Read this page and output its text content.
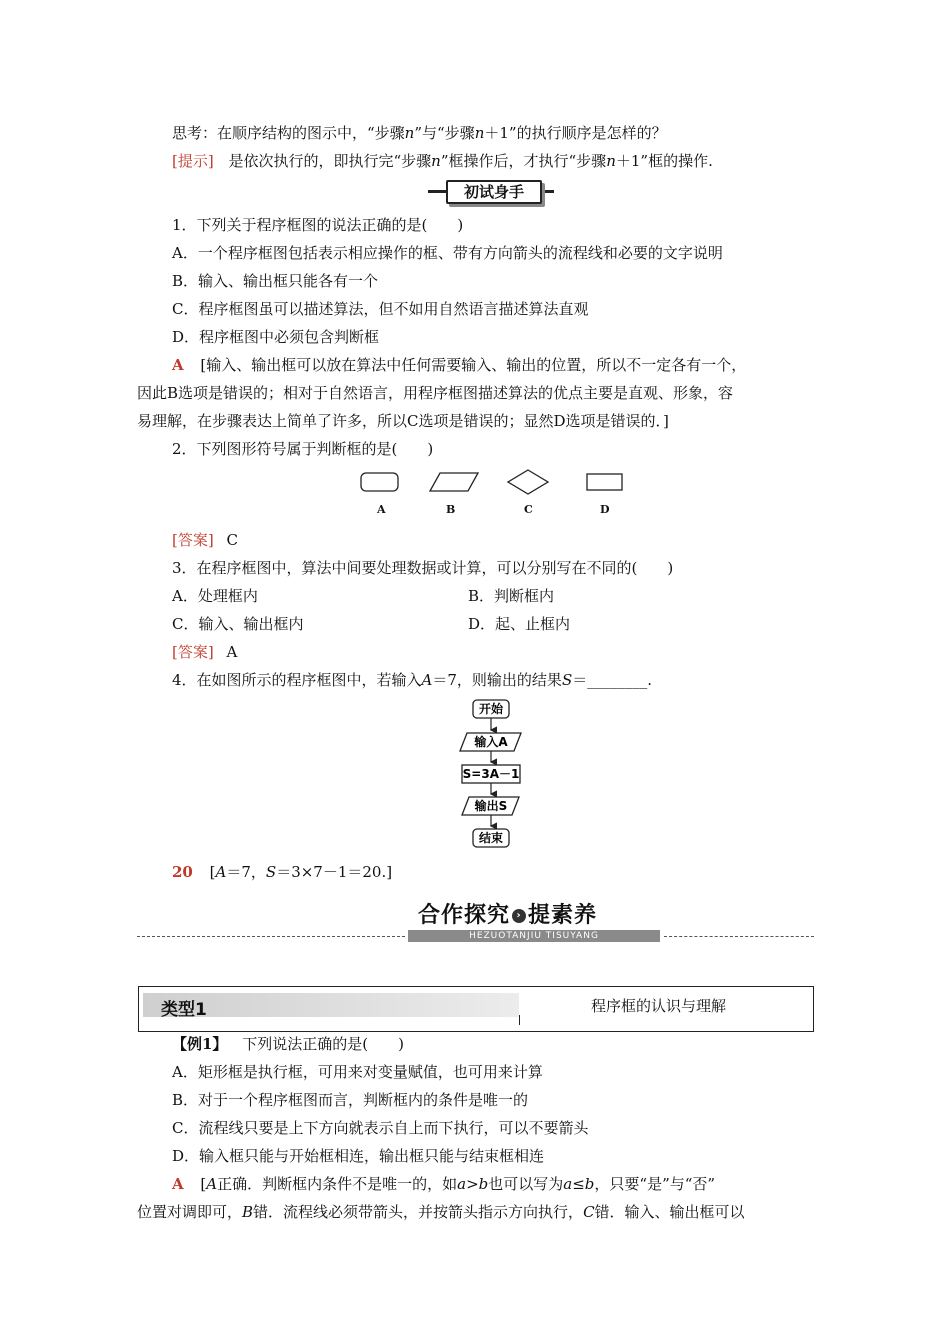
思考：在顺序结构的图示中，“步骤n”与“步骤n＋1”的执行顺序是怎样的？
[提示] 是依次执行的，即执行完“步骤n”框操作后，才执行“步骤n＋1”框的操作.
初试身手
1．下列关于程序框图的说法正确的是(　　)
A．一个程序框图包括表示相应操作的框、带有方向箭头的流程线和必要的文字说明
B．输入、输出框只能各有一个
C．程序框图虽可以描述算法，但不如用自然语言描述算法直观
D．程序框图中必须包含判断框
A [输入、输出框可以放在算法中任何需要输入、输出的位置，所以不一定各有一个，
因此B选项是错误的；相对于自然语言，用程序框图描述算法的优点主要是直观、形象，容
易理解，在步骤表达上简单了许多，所以C选项是错误的；显然D选项是错误的．]
2．下列图形符号属于判断框的是(　　)
A	B	C	D
[答案] C
3．在程序框图中，算法中间要处理数据或计算，可以分别写在不同的(　　)
A．处理框内	B．判断框内
C．输入、输出框内	D．起、止框内
[答案] A
4．在如图所示的程序框图中，若输入A＝7，则输出的结果S＝________.
开始
输入A
S=3A－1
输出S
结束
20 [A＝7，S＝3×7－1＝20.]
合作探究 › 提素养
HEZUOTANJIU TISUYANG
类型1	程序框的认识与理解
【例1】 下列说法正确的是(　　)
A．矩形框是执行框，可用来对变量赋值，也可用来计算
B．对于一个程序框图而言，判断框内的条件是唯一的
C．流程线只要是上下方向就表示自上而下执行，可以不要箭头
D．输入框只能与开始框相连，输出框只能与结束框相连
A [A正确．判断框内条件不是唯一的，如a>b也可以写为a≤b，只要“是”与“否”
位置对调即可，B错．流程线必须带箭头，并按箭头指示方向执行，C错．输入、输出框可以
